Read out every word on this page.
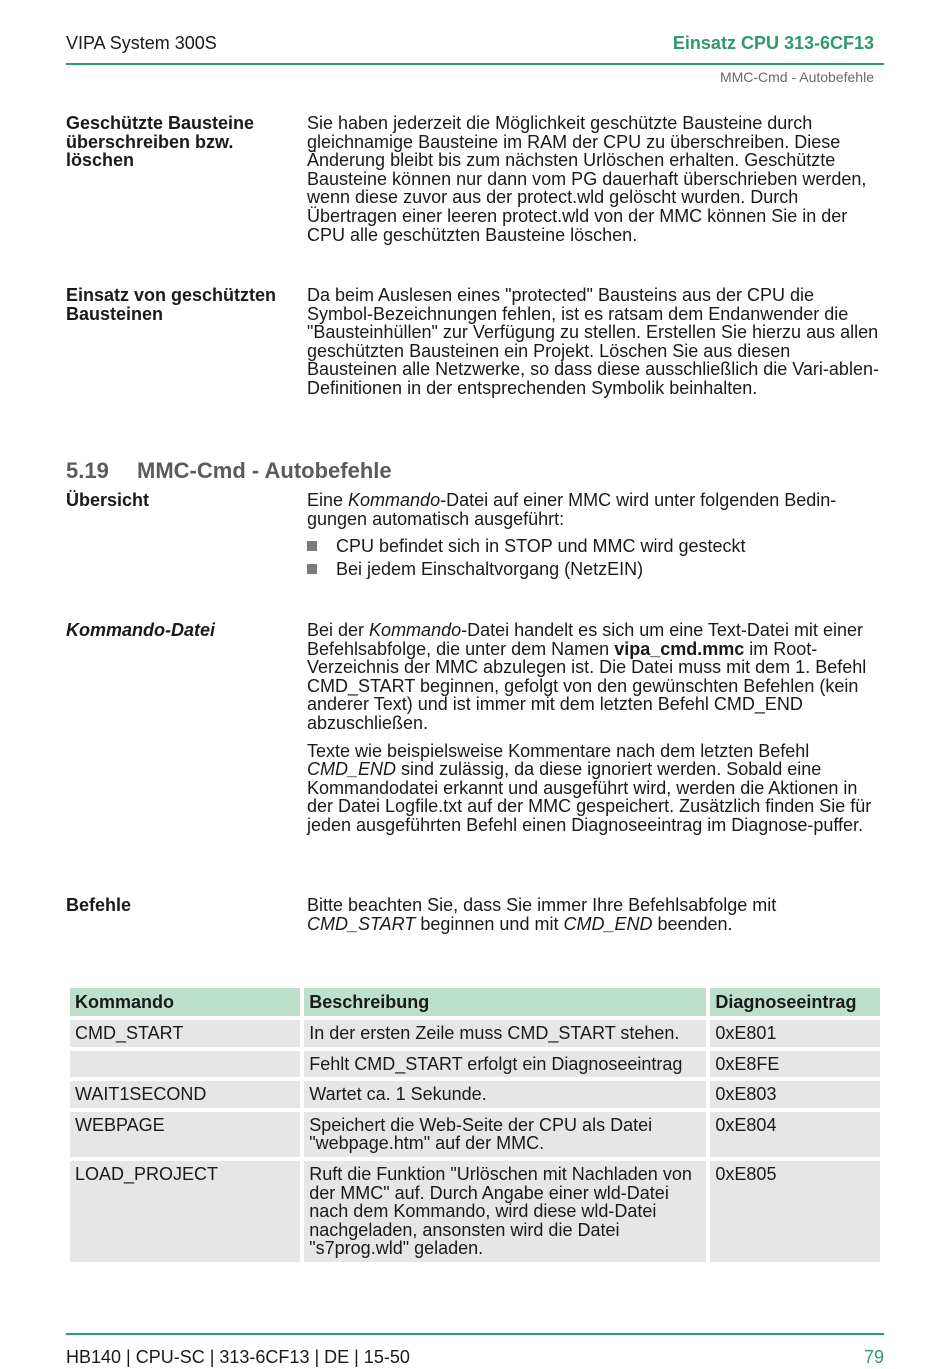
VIPA System 300S	Einsatz CPU 313-6CF13
MMC-Cmd - Autobefehle
Geschützte Bausteine überschreiben bzw. löschen

Sie haben jederzeit die Möglichkeit geschützte Bausteine durch gleichnamige Bausteine im RAM der CPU zu überschreiben. Diese Änderung bleibt bis zum nächsten Urlöschen erhalten. Geschützte Bausteine können nur dann vom PG dauerhaft überschrieben werden, wenn diese zuvor aus der protect.wld gelöscht wurden. Durch Übertragen einer leeren protect.wld von der MMC können Sie in der CPU alle geschützten Bausteine löschen.

Einsatz von geschützten Bausteinen

Da beim Auslesen eines "protected" Bausteins aus der CPU die Symbol-Bezeichnungen fehlen, ist es ratsam dem Endanwender die "Bausteinhüllen" zur Verfügung zu stellen. Erstellen Sie hierzu aus allen geschützten Bausteinen ein Projekt. Löschen Sie aus diesen Bausteinen alle Netzwerke, so dass diese ausschließlich die Vari-ablen-Definitionen in der entsprechenden Symbolik beinhalten.

5.19 MMC-Cmd - Autobefehle
Übersicht	Eine Kommando-Datei auf einer MMC wird unter folgenden Bedin-gungen automatisch ausgeführt:

CPU befindet sich in STOP und MMC wird gesteckt
Bei jedem Einschaltvorgang (NetzEIN)
Kommando-Datei	Bei der Kommando-Datei handelt es sich um eine Text-Datei mit einer Befehlsabfolge, die unter dem Namen vipa_cmd.mmc im Root-Verzeichnis der MMC abzulegen ist. Die Datei muss mit dem 1. Befehl CMD_START beginnen, gefolgt von den gewünschten Befehlen (kein anderer Text) und ist immer mit dem letzten Befehl CMD_END abzuschließen.

Texte wie beispielsweise Kommentare nach dem letzten Befehl CMD_END sind zulässig, da diese ignoriert werden. Sobald eine Kommandodatei erkannt und ausgeführt wird, werden die Aktionen in der Datei Logfile.txt auf der MMC gespeichert. Zusätzlich finden Sie für jeden ausgeführten Befehl einen Diagnoseeintrag im Diagnose-puffer.

Befehle	Bitte beachten Sie, dass Sie immer Ihre Befehlsabfolge mit CMD_START beginnen und mit CMD_END beenden.

Kommando	Beschreibung	Diagnoseeintrag
CMD_START	In der ersten Zeile muss CMD_START stehen.	0xE801
	Fehlt CMD_START erfolgt ein Diagnoseeintrag	0xE8FE
WAIT1SECOND	Wartet ca. 1 Sekunde.	0xE803
WEBPAGE	Speichert die Web-Seite der CPU als Datei "webpage.htm" auf der MMC.	0xE804
LOAD_PROJECT	Ruft die Funktion "Urlöschen mit Nachladen von der MMC" auf. Durch Angabe einer wld-Datei nach dem Kommando, wird diese wld-Datei nachgeladen, ansonsten wird die Datei "s7prog.wld" geladen.	0xE805
HB140 | CPU-SC | 313-6CF13 | DE | 15-50	79
